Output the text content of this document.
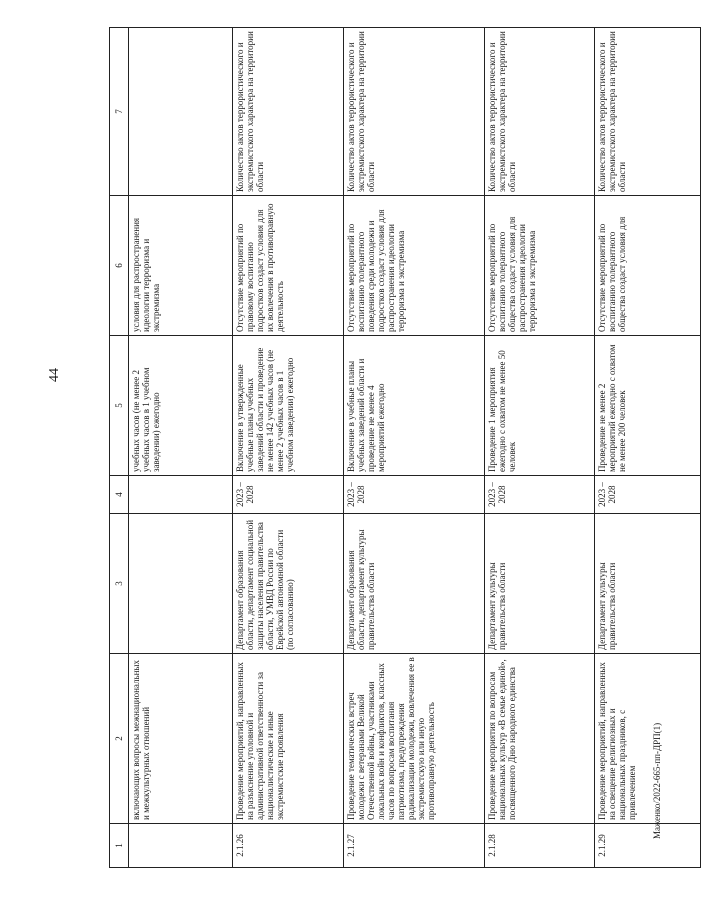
44
1	2	3	4	5	6	7
	включающих вопросы межнациональных и межкультурных отношений			учебных часов (не менее 2 учебных часов в 1 учебном заведении) ежегодно	условия для распространения идеологии терроризма и экстремизма	
2.1.26	Проведение мероприятий, направленных на разъяснение уголовной и административной ответственности за националистические и иные экстремистские проявления	Департамент образования области, департамент социальной защиты населения правительства области, УМВД России по Еврейской автономной области (по согласованию)	2023 – 2028	Включение в утвержденные учебные планы учебных заведений области и проведение не менее 142 учебных часов (не менее 2 учебных часов в 1 учебном заведении) ежегодно	Отсутствие мероприятий по правовому воспитанию подростков создаст условия для их вовлечения в противоправную деятельность	Количество актов террористического и экстремистского характера на территории области
2.1.27	Проведение тематических встреч молодежи с ветеранами Великой Отечественной войны, участниками локальных войн и конфликтов, классных часов по вопросам воспитания патриотизма, предупреждения радикализации молодежи, вовлечения ее в экстремистскую или иную противоправную деятельность	Департамент образования области, департамент культуры правительства области	2023 – 2028	Включение в учебные планы учебных заведений области и проведение не менее 4 мероприятий ежегодно	Отсутствие мероприятий по воспитанию толерантного поведения среди молодежи и подростков создаст условия для распространения идеологии терроризма и экстремизма	Количество актов террористического и экстремистского характера на территории области
2.1.28	Проведение мероприятия по вопросам национальных культур «В семье единой», посвященного Дню народного единства	Департамент культуры правительства области	2023 – 2028	Проведение 1 мероприятия ежегодно с охватом не менее 50 человек	Отсутствие мероприятий по воспитанию толерантного общества создаст условия для распространения идеологии терроризма и экстремизма	Количество актов террористического и экстремистского характера на территории области
2.1.29	Проведение мероприятий, направленных на освещение религиозных и национальных праздников, с привлечением	Департамент культуры правительства области	2023 – 2028	Проведение не менее 2 мероприятий ежегодно с охватом не менее 200 человек	Отсутствие мероприятий по воспитанию толерантного общества создаст условия для	Количество актов террористического и экстремистского характера на территории области
Маженко/2022-665-пп-ДРП(1)
